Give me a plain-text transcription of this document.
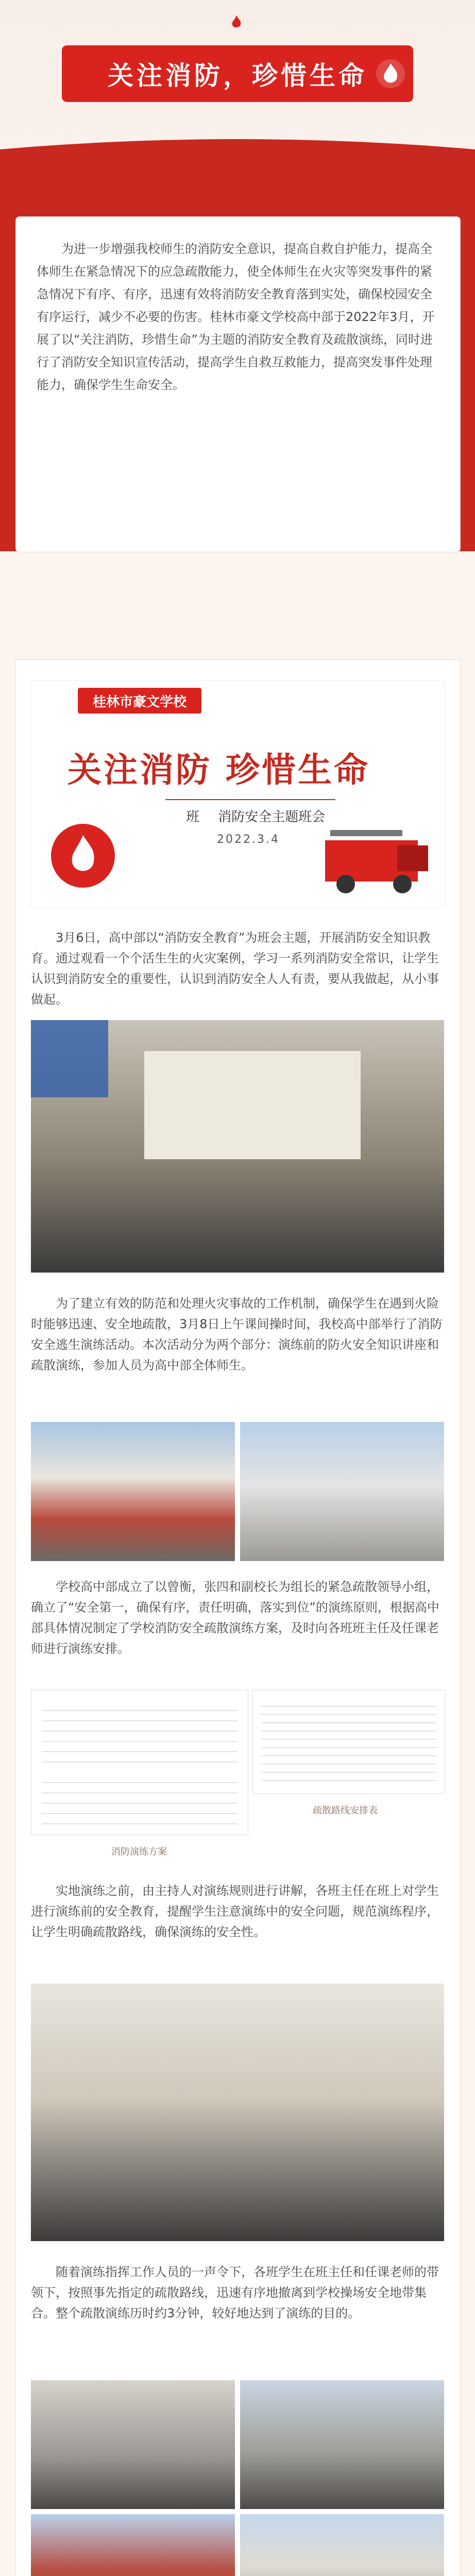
关注消防，珍惜生命
为进一步增强我校师生的消防安全意识，提高自救自护能力，提高全体师生在紧急情况下的应急疏散能力，使全体师生在火灾等突发事件的紧急情况下有序、有序，迅速有效将消防安全教育落到实处，确保校园安全有序运行，减少不必要的伤害。桂林市豪文学校高中部于2022年3月，开展了以“关注消防，珍惜生命”为主题的消防安全教育及疏散演练，同时进行了消防安全知识宣传活动，提高学生自救互救能力，提高突发事件处理能力，确保学生生命安全。
桂林市豪文学校
关注消防 珍惜生命
班 消防安全主题班会
2022.3.4
3月6日，高中部以“消防安全教育”为班会主题，开展消防安全知识教育。通过观看一个个活生生的火灾案例，学习一系列消防安全常识，让学生认识到消防安全的重要性，认识到消防安全人人有责，要从我做起，从小事做起。
为了建立有效的防范和处理火灾事故的工作机制，确保学生在遇到火险时能够迅速、安全地疏散，3月8日上午课间操时间，我校高中部举行了消防安全逃生演练活动。本次活动分为两个部分：演练前的防火安全知识讲座和疏散演练，参加人员为高中部全体师生。
学校高中部成立了以曾衡，张四和副校长为组长的紧急疏散领导小组，确立了“安全第一，确保有序，责任明确，落实到位”的演练原则，根据高中部具体情况制定了学校消防安全疏散演练方案，及时向各班班主任及任课老师进行演练安排。
消防演练方案
疏散路线安排表
实地演练之前，由主持人对演练规则进行讲解，各班主任在班上对学生进行演练前的安全教育，提醒学生注意演练中的安全问题，规范演练程序，让学生明确疏散路线，确保演练的安全性。
随着演练指挥工作人员的一声令下，各班学生在班主任和任课老师的带领下，按照事先指定的疏散路线，迅速有序地撤离到学校操场安全地带集合。整个疏散演练历时约3分钟，较好地达到了演练的目的。
